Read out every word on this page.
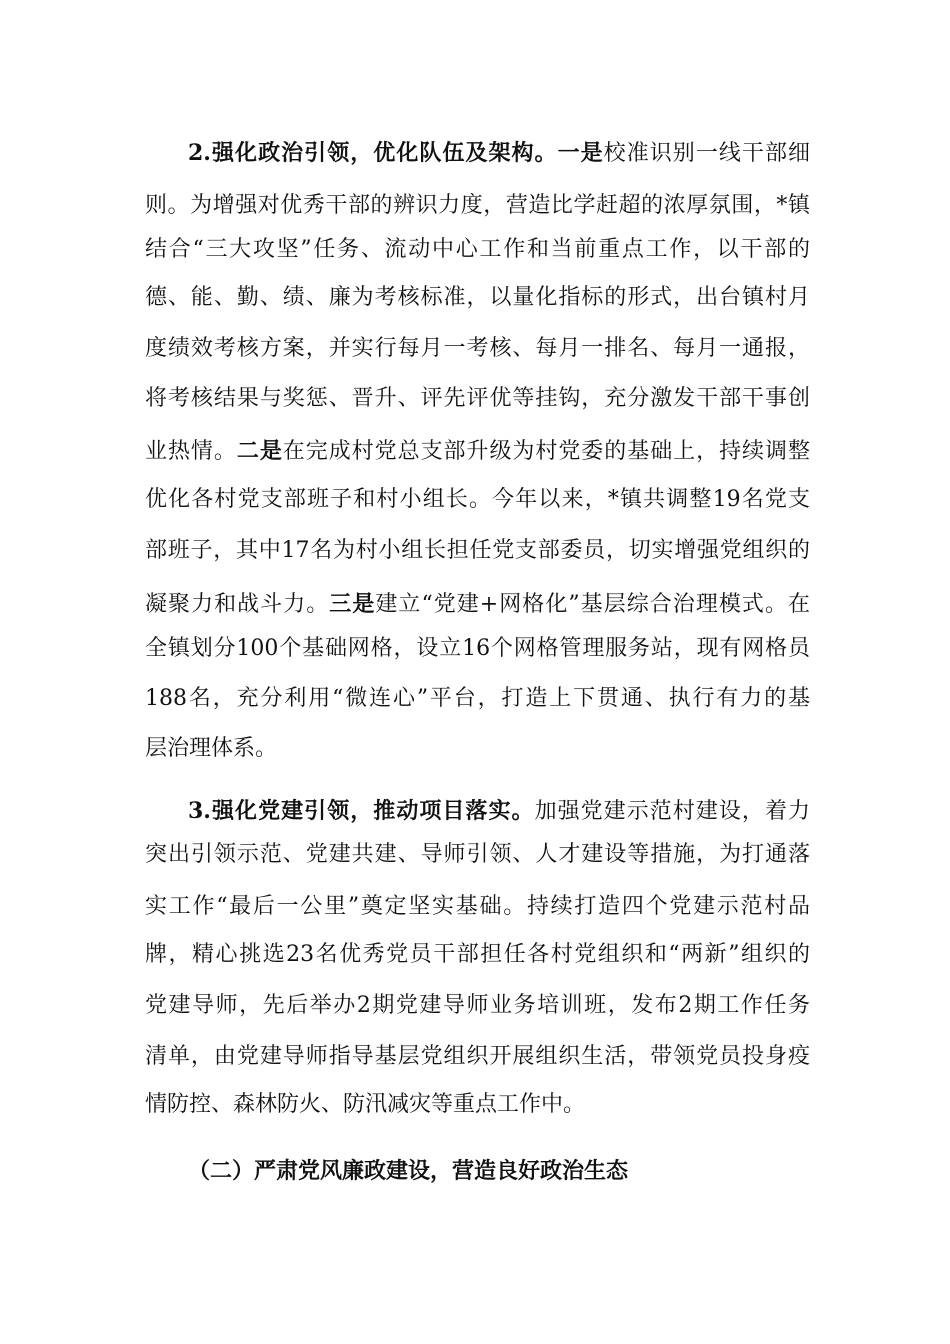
2.强化政治引领，优化队伍及架构。一是校准识别一线干部细
则。为增强对优秀干部的辨识力度，营造比学赶超的浓厚氛围，*镇
结合“三大攻坚”任务、流动中心工作和当前重点工作，以干部的
德、能、勤、绩、廉为考核标准，以量化指标的形式，出台镇村月
度绩效考核方案，并实行每月一考核、每月一排名、每月一通报，
将考核结果与奖惩、晋升、评先评优等挂钩，充分激发干部干事创
业热情。二是在完成村党总支部升级为村党委的基础上，持续调整
优化各村党支部班子和村小组长。今年以来，*镇共调整19名党支
部班子，其中17名为村小组长担任党支部委员，切实增强党组织的
凝聚力和战斗力。三是建立“党建+网格化”基层综合治理模式。在
全镇划分100个基础网格，设立16个网格管理服务站，现有网格员
188名，充分利用“微连心”平台，打造上下贯通、执行有力的基
层治理体系。
3.强化党建引领，推动项目落实。加强党建示范村建设，着力
突出引领示范、党建共建、导师引领、人才建设等措施，为打通落
实工作“最后一公里”奠定坚实基础。持续打造四个党建示范村品
牌，精心挑选23名优秀党员干部担任各村党组织和“两新”组织的
党建导师，先后举办2期党建导师业务培训班，发布2期工作任务
清单，由党建导师指导基层党组织开展组织生活，带领党员投身疫
情防控、森林防火、防汛减灾等重点工作中。
（二）严肃党风廉政建设，营造良好政治生态
